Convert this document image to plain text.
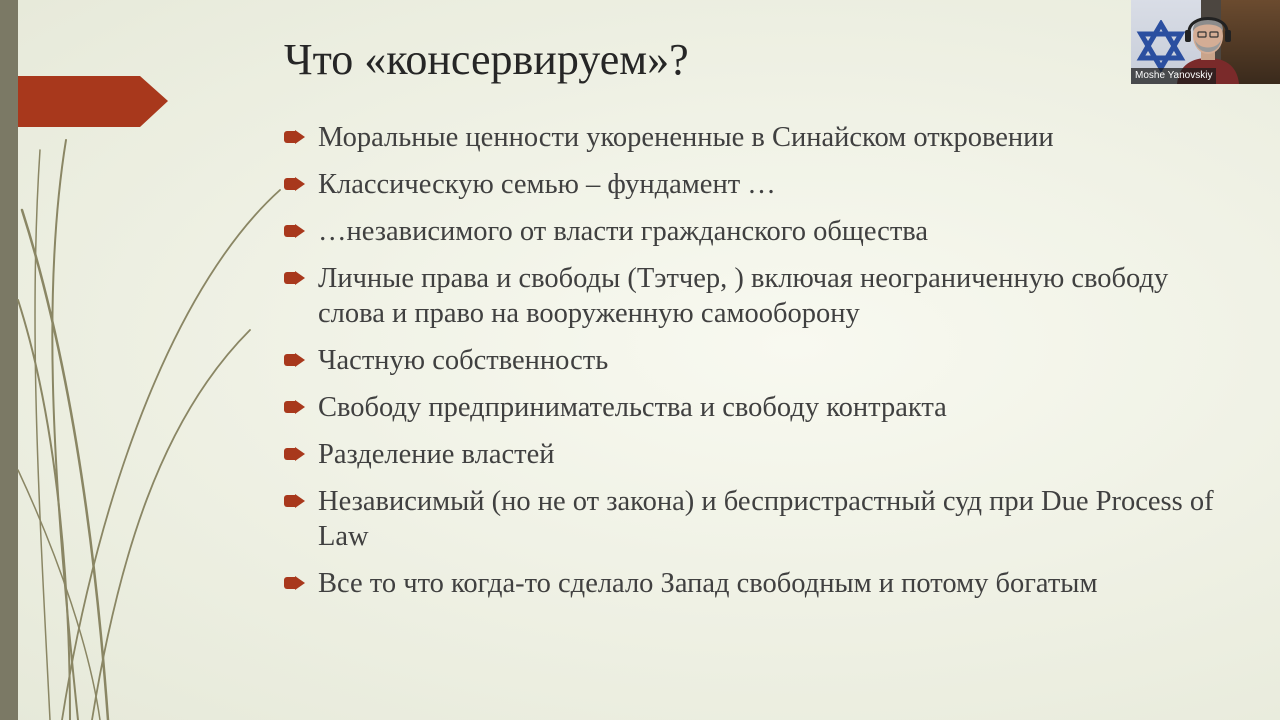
Что «консервируем»?
Моральные ценности укорененные в Синайском откровении
Классическую семью – фундамент …
…независимого от власти гражданского общества
Личные права и свободы (Тэтчер, ) включая неограниченную свободу слова и право на вооруженную самооборону
Частную собственность
Свободу предпринимательства и свободу контракта
Разделение властей
Независимый (но не от закона) и беспристрастный суд при Due Process of Law
Все то что когда-то сделало Запад свободным и потому богатым
Moshe Yanovskiy
